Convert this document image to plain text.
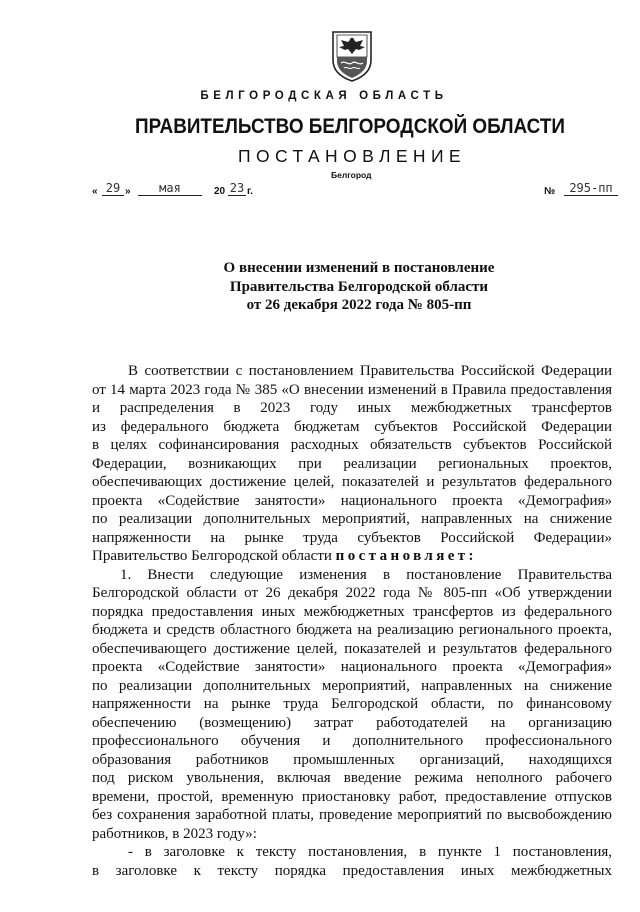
БЕЛГОРОДСКАЯ ОБЛАСТЬ
ПРАВИТЕЛЬСТВО БЕЛГОРОДСКОЙ ОБЛАСТИ
ПОСТАНОВЛЕНИЕ
Белгород
« 29 »	мая	20 23 г.	№	295-пп
О внесении изменений в постановление
Правительства Белгородской области
от 26 декабря 2022 года № 805-пп
В соответствии с постановлением Правительства Российской Федерации
от 14 марта 2023 года № 385 «О внесении изменений в Правила предоставления
и распределения в 2023 году иных межбюджетных трансфертов
из федерального бюджета бюджетам субъектов Российской Федерации
в целях софинансирования расходных обязательств субъектов Российской
Федерации, возникающих при реализации региональных проектов,
обеспечивающих достижение целей, показателей и результатов федерального
проекта «Содействие занятости» национального проекта «Демография»
по реализации дополнительных мероприятий, направленных на снижение
напряженности на рынке труда субъектов Российской Федерации»
Правительство Белгородской области постановляет:
1. Внести следующие изменения в постановление Правительства
Белгородской области от 26 декабря 2022 года № 805-пп «Об утверждении
порядка предоставления иных межбюджетных трансфертов из федерального
бюджета и средств областного бюджета на реализацию регионального проекта,
обеспечивающего достижение целей, показателей и результатов федерального
проекта «Содействие занятости» национального проекта «Демография»
по реализации дополнительных мероприятий, направленных на снижение
напряженности на рынке труда Белгородской области, по финансовому
обеспечению (возмещению) затрат работодателей на организацию
профессионального обучения и дополнительного профессионального
образования работников промышленных организаций, находящихся
под риском увольнения, включая введение режима неполного рабочего
времени, простой, временную приостановку работ, предоставление отпусков
без сохранения заработной платы, проведение мероприятий по высвобождению
работников, в 2023 году»:
- в заголовке к тексту постановления, в пункте 1 постановления,
в заголовке к тексту порядка предоставления иных межбюджетных
